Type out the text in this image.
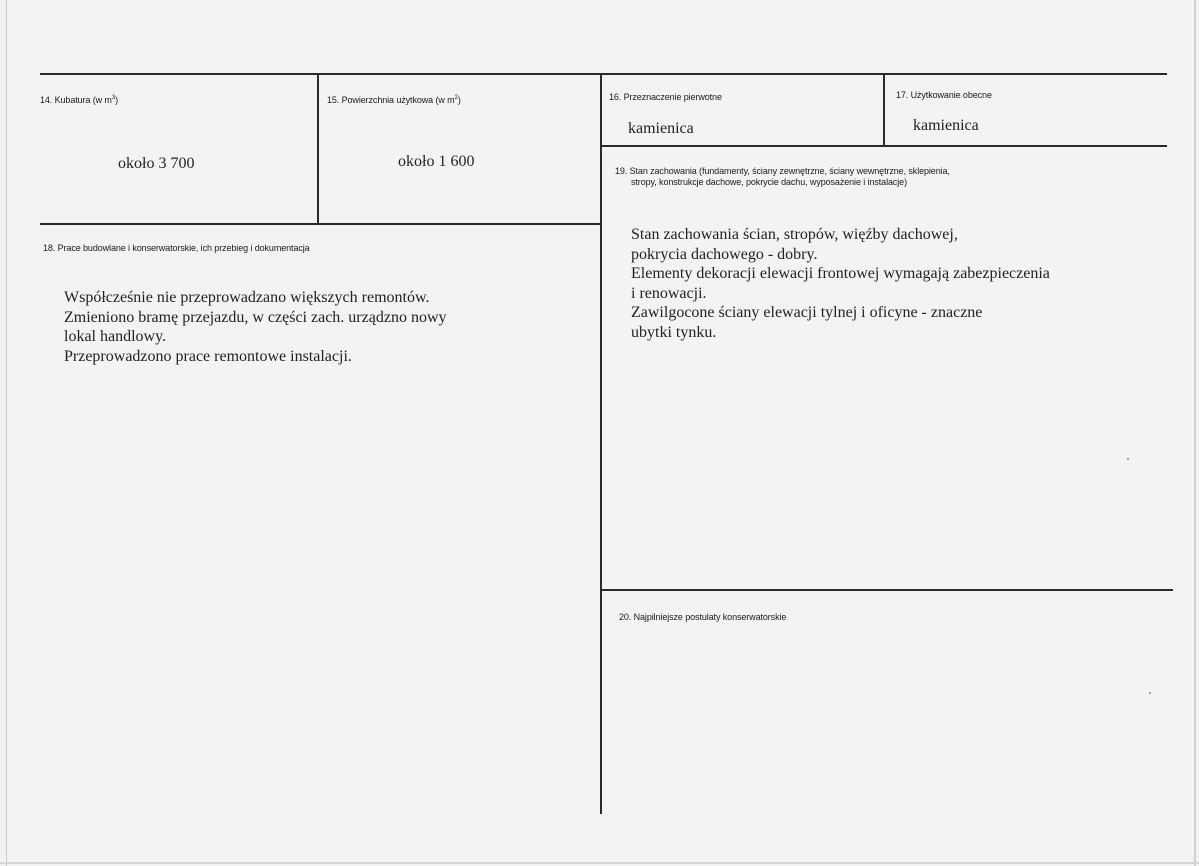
14. Kubatura (w $m^3$)
około 3 700
15. Powierzchnia użytkowa (w $m^2$)
około 1 600
16. Przeznaczenie pierwotne
kamienica
17. Użytkowanie obecne
kamienica
18. Prace budowlane i konserwatorskie, ich przebieg i dokumentacja
Współcześnie nie przeprowadzano większych remontów.
Zmieniono bramę przejazdu, w części zach. urządzno nowy
lokal handlowy.
Przeprowadzono prace remontowe instalacji.
19. Stan zachowania (fundamenty, ściany zewnętrzne, ściany wewnętrzne, sklepienia,
stropy, konstrukcje dachowe, pokrycie dachu, wyposażenie i instalacje)
Stan zachowania ścian, stropów, więźby dachowej,
pokrycia dachowego - dobry.
Elementy dekoracji elewacji frontowej wymagają zabezpieczenia
i renowacji.
Zawilgocone ściany elewacji tylnej i oficyne - znaczne
ubytki tynku.
20. Najpilniejsze postulaty konserwatorskie
